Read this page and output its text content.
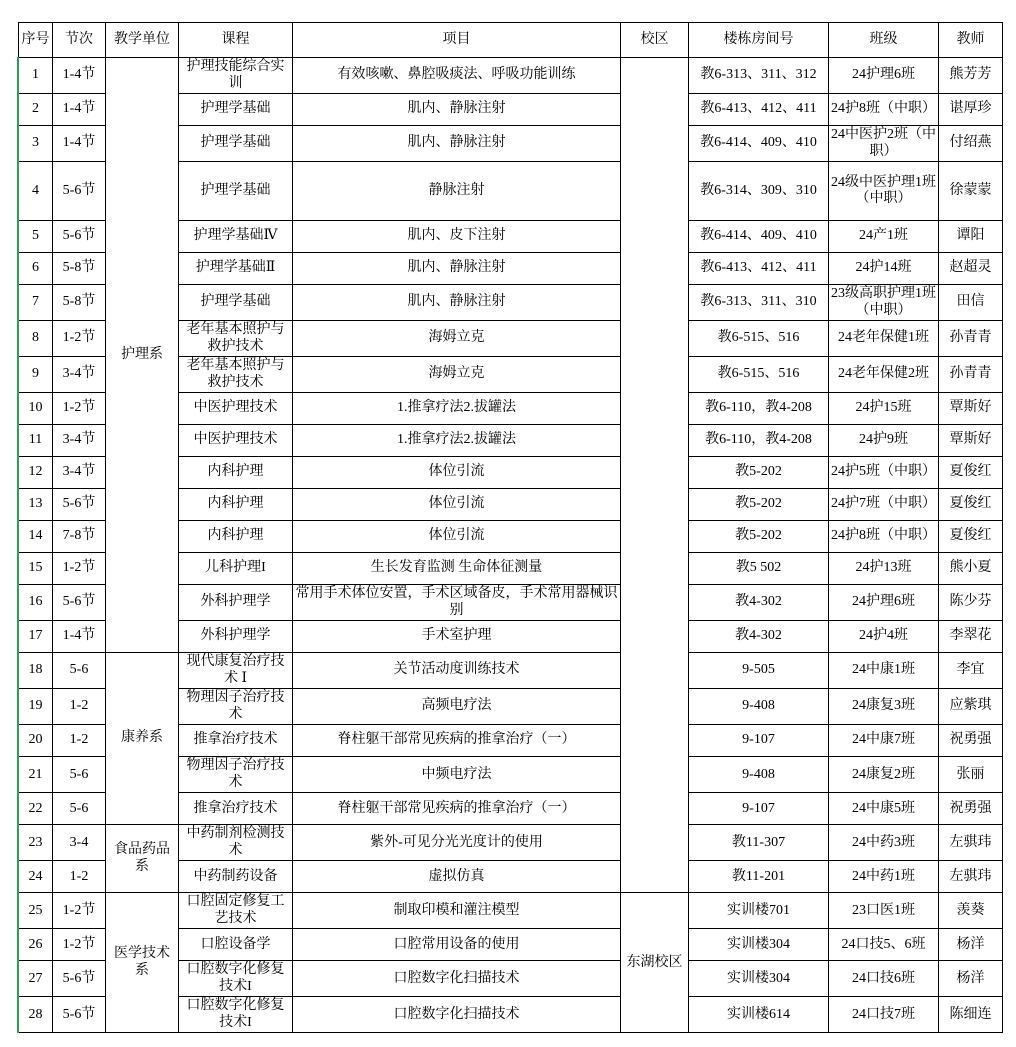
序号	节次	教学单位	课程	项目	校区	楼栋房间号	班级	教师
1	1-4节	护理系	护理技能综合实训	有效咳嗽、鼻腔吸痰法、呼吸功能训练		教6-313、311、312	24护理6班	熊芳芳
2	1-4节		护理学基础	肌内、静脉注射		教6-413、412、411	24护8班（中职）	谌厚珍
3	1-4节		护理学基础	肌内、静脉注射		教6-414、409、410	24中医护2班（中职）	付绍燕
4	5-6节		护理学基础	静脉注射		教6-314、309、310	24级中医护理1班（中职）	徐蒙蒙
5	5-6节		护理学基础Ⅳ	肌内、皮下注射		教6-414、409、410	24产1班	谭阳
6	5-8节		护理学基础Ⅱ	肌内、静脉注射		教6-413、412、411	24护14班	赵超灵
7	5-8节		护理学基础	肌内、静脉注射		教6-313、311、310	23级高职护理1班（中职）	田信
8	1-2节		老年基本照护与救护技术	海姆立克		教6-515、516	24老年保健1班	孙青青
9	3-4节		老年基本照护与救护技术	海姆立克		教6-515、516	24老年保健2班	孙青青
10	1-2节		中医护理技术	1.推拿疗法2.拔罐法		教6-110，教4-208	24护15班	覃斯好
11	3-4节		中医护理技术	1.推拿疗法2.拔罐法		教6-110，教4-208	24护9班	覃斯好
12	3-4节		内科护理	体位引流		教5-202	24护5班（中职）	夏俊红
13	5-6节		内科护理	体位引流		教5-202	24护7班（中职）	夏俊红
14	7-8节		内科护理	体位引流		教5-202	24护8班（中职）	夏俊红
15	1-2节		儿科护理I	生长发育监测 生命体征测量		教5 502	24护13班	熊小夏
16	5-6节		外科护理学	常用手术体位安置，手术区域备皮，手术常用器械识别		教4-302	24护理6班	陈少芬
17	1-4节		外科护理学	手术室护理		教4-302	24护4班	李翠花
18	5-6	康养系	现代康复治疗技术 Ⅰ	关节活动度训练技术		9-505	24中康1班	李宜
19	1-2		物理因子治疗技术	高频电疗法		9-408	24康复3班	应紫琪
20	1-2		推拿治疗技术	脊柱躯干部常见疾病的推拿治疗（一）		9-107	24中康7班	祝勇强
21	5-6		物理因子治疗技术	中频电疗法		9-408	24康复2班	张丽
22	5-6		推拿治疗技术	脊柱躯干部常见疾病的推拿治疗（一）		9-107	24中康5班	祝勇强
23	3-4	食品药品系	中药制剂检测技术	紫外-可见分光光度计的使用		教11-307	24中药3班	左骐玮
24	1-2		中药制药设备	虚拟仿真		教11-201	24中药1班	左骐玮
25	1-2节	医学技术系	口腔固定修复工艺技术	制取印模和灌注模型	东湖校区	实训楼701	23口医1班	羡葵
26	1-2节		口腔设备学	口腔常用设备的使用		实训楼304	24口技5、6班	杨洋
27	5-6节		口腔数字化修复技术I	口腔数字化扫描技术		实训楼304	24口技6班	杨洋
28	5-6节		口腔数字化修复技术I	口腔数字化扫描技术		实训楼614	24口技7班	陈细连
